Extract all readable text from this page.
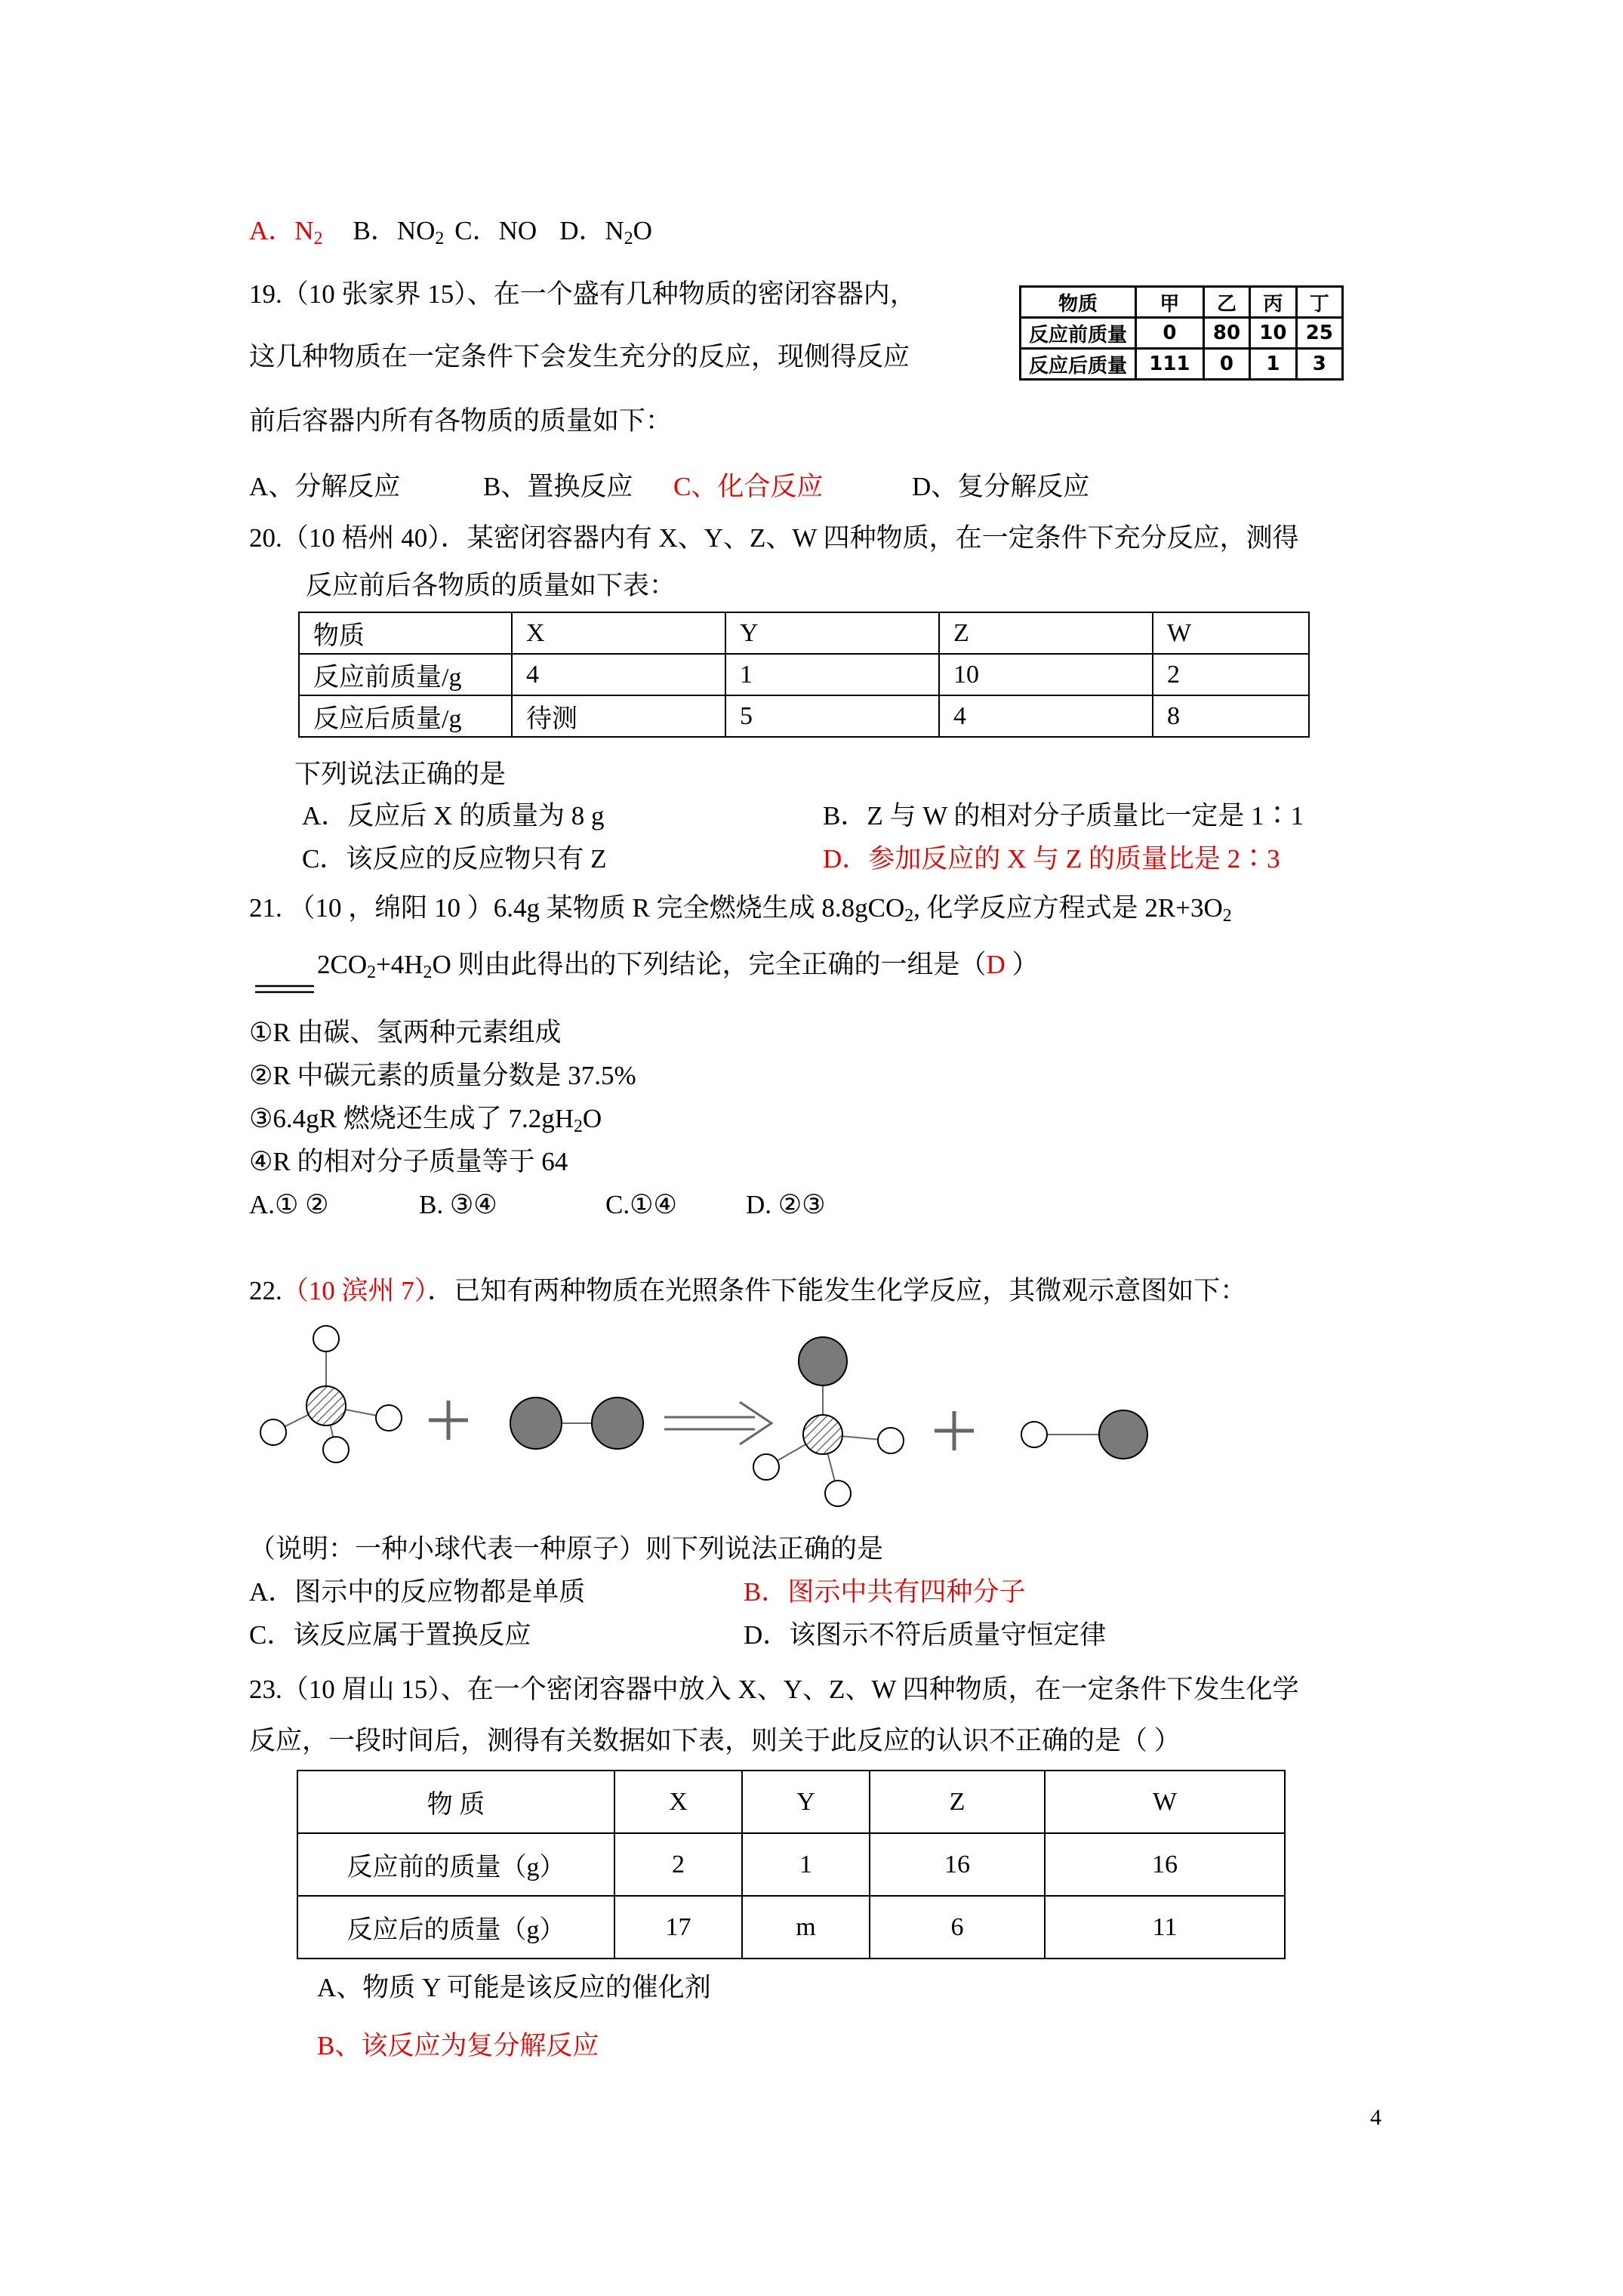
A．$N_2$ B．$NO_2$ C．NO D．$N_2O$
19.（10 张家界 15）、在一个盛有几种物质的密闭容器内，
这几种物质在一定条件下会发生充分的反应，现侧得反应
前后容器内所有各物质的质量如下：
物质	甲	乙	丙	丁
反应前质量	0	80	10	25
反应后质量	111	0	1	3
A、分解反应	B、置换反应 C、化合反应	D、复分解反应
20.（10 梧州 40）．某密闭容器内有 X、Y、Z、W 四种物质，在一定条件下充分反应，测得
反应前后各物质的质量如下表：
物质	X	Y	Z	W
反应前质量/g	4	1	10	2
反应后质量/g	待测	5	4	8
下列说法正确的是
A．反应后 X 的质量为 8 g	B．Z 与 W 的相对分子质量比一定是 1∶1
C．该反应的反应物只有 Z	D．参加反应的 X 与 Z 的质量比是 2∶3
21. （10 ，绵阳 10 ）6.4g 某物质 R 完全燃烧生成 8.8gCO$_2$, 化学反应方程式是 $2R+3O_2$
$2CO_2+4H_2O$ 则由此得出的下列结论，完全正确的一组是（D ）
①R 由碳、氢两种元素组成
②R 中碳元素的质量分数是 37.5%
③6.4gR 燃烧还生成了 $7.2gH_2O$
④R 的相对分子质量等于 64
A.① ②	B. ③④	C.①④	D. ②③
22.（10 滨州 7）．已知有两种物质在光照条件下能发生化学反应，其微观示意图如下：
（说明：一种小球代表一种原子）则下列说法正确的是
A．图示中的反应物都是单质	B．图示中共有四种分子
C．该反应属于置换反应	D．该图示不符后质量守恒定律
23.（10 眉山 15）、在一个密闭容器中放入 X、Y、Z、W 四种物质，在一定条件下发生化学
反应，一段时间后，测得有关数据如下表，则关于此反应的认识不正确的是（ ）
物 质	X	Y	Z	W
反应前的质量（g）	2	1	16	16
反应后的质量（g）	17	m	6	11
A、物质 Y 可能是该反应的催化剂
B、该反应为复分解反应
4
